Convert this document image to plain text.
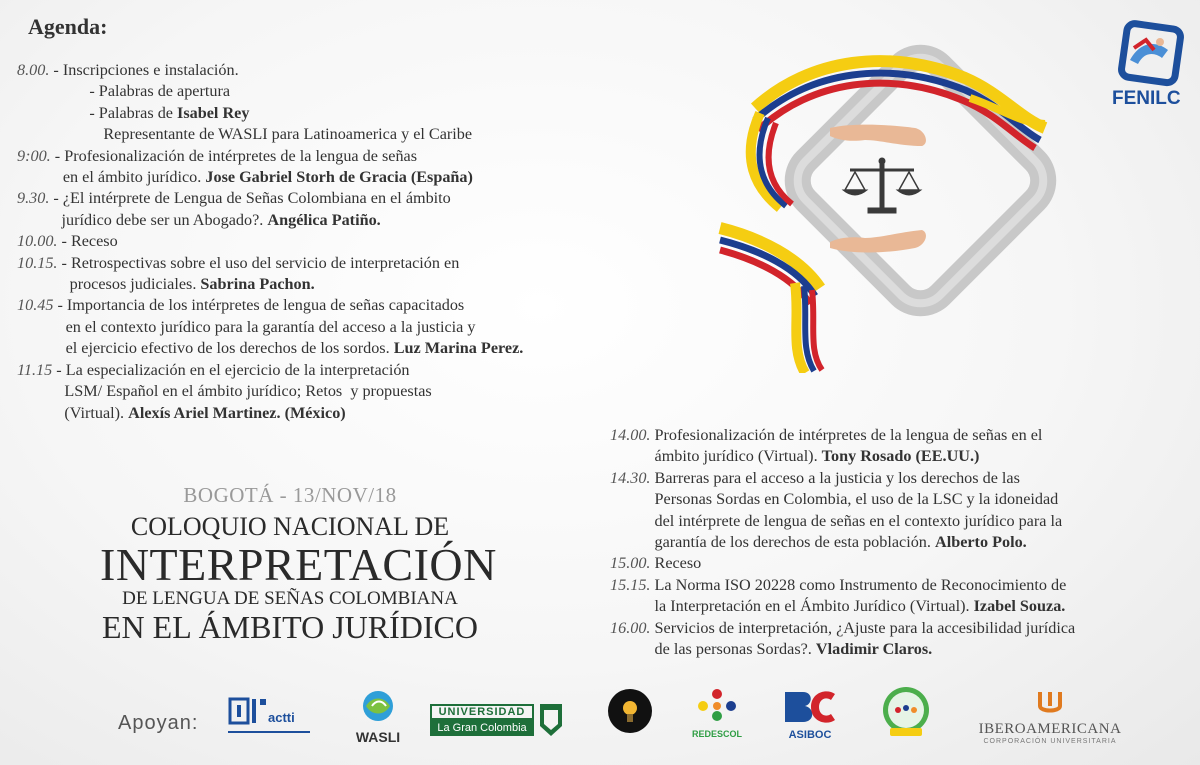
Agenda:
8.00. - Inscripciones e instalación.
- Palabras de apertura
- Palabras de Isabel Rey
Representante de WASLI para Latinoamerica y el Caribe
9:00. - Profesionalización de intérpretes de la lengua de señas
en el ámbito jurídico. Jose Gabriel Storh de Gracia (España)
9.30. - ¿El intérprete de Lengua de Señas Colombiana en el ámbito
jurídico debe ser un Abogado?. Angélica Patiño.
10.00. - Receso
10.15. - Retrospectivas sobre el uso del servicio de interpretación en
procesos judiciales. Sabrina Pachon.
10.45 - Importancia de los intérpretes de lengua de señas capacitados
en el contexto jurídico para la garantía del acceso a la justicia y
el ejercicio efectivo de los derechos de los sordos. Luz Marina Perez.
11.15 - La especialización en el ejercicio de la interpretación
LSM/ Español en el ámbito jurídico; Retos  y propuestas
(Virtual). Alexís Ariel Martinez. (México)
14.00. Profesionalización de intérpretes de la lengua de señas en el
ámbito jurídico (Virtual). Tony Rosado (EE.UU.)
14.30. Barreras para el acceso a la justicia y los derechos de las
Personas Sordas en Colombia, el uso de la LSC y la idoneidad
del intérprete de lengua de señas en el contexto jurídico para la
garantía de los derechos de esta población. Alberto Polo.
15.00. Receso
15.15. La Norma ISO 20228 como Instrumento de Reconocimiento de
la Interpretación en el Ámbito Jurídico (Virtual). Izabel Souza.
16.00. Servicios de interpretación, ¿Ajuste para la accesibilidad jurídica
de las personas Sordas?. Vladimir Claros.
FENILC
BOGOTÁ - 13/NOV/18
COLOQUIO NACIONAL DE
INTERPRETACIÓN
DE LENGUA DE SEÑAS COLOMBIANA
EN EL ÁMBITO JURÍDICO
Apoyan:	actti
WASLI
UNIVERSIDAD
La Gran Colombia	REDESCOL	ASIBOC	IBEROAMERICANA
CORPORACIÓN UNIVERSITARIA
